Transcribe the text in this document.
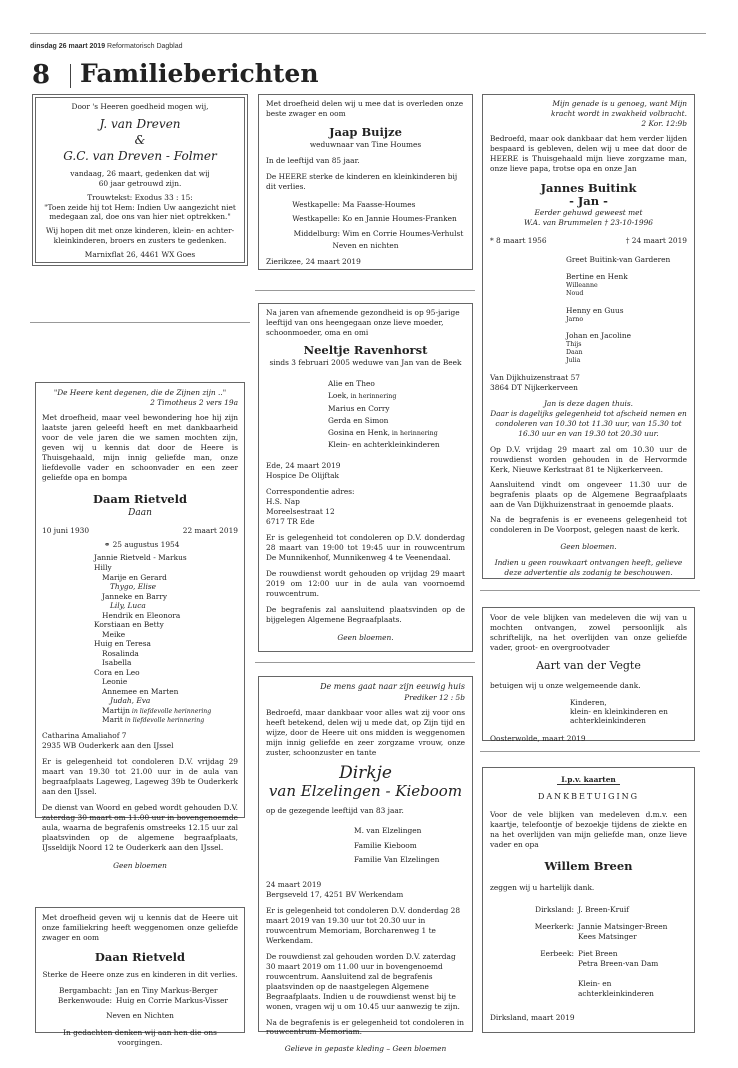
dinsdag 26 maart 2019 Reformatorisch Dagblad
8 Familieberichten
Door 's Heeren goedheid mogen wij,
J. van Dreven
&
G.C. van Dreven - Folmer
vandaag, 26 maart, gedenken dat wij 60 jaar getrouwd zijn.
Trouwtekst: Exodus 33 : 15:
"Toen zeide hij tot Hem: Indien Uw aangezicht niet medegaan zal, doe ons van hier niet optrekken."
Wij hopen dit met onze kinderen, klein- en achter-kleinkinderen, broers en zusters te gedenken.
Marnixflat 26, 4461 WX Goes
"De Heere kent degenen, die de Zijnen zijn .."
2 Timotheus 2 vers 19a
Met droefheid, maar veel bewondering hoe hij zijn laatste jaren geleefd heeft en met dankbaarheid voor de vele jaren die we samen mochten zijn, geven wij u kennis dat door de Heere is Thuisgehaald, mijn innig geliefde man, onze liefdevolle vader en schoonvader en een zeer geliefde opa en bompa
Daam Rietveld
Daan
10 juni 1930	22 maart 2019
⚭ 25 augustus 1954
Jannie Rietveld - Markus
Hilly
Marije en Gerard
Thygo, Elise
Janneke en Barry
Lily, Luca
Hendrik en Eleonora
Korstiaan en Betty
Meike
Huig en Teresa
Rosalinda
Isabella
Cora en Leo
Leonie
Annemee en Marten
Judah, Eva
Martijn in liefdevolle herinnering
Marit in liefdevolle herinnering
Catharina Amaliahof 7
2935 WB Ouderkerk aan den IJssel
Er is gelegenheid tot condoleren D.V. vrijdag 29 maart van 19.30 tot 21.00 uur in de aula van begraafplaats Lageweg, Lageweg 39b te Ouderkerk aan den IJssel.
De dienst van Woord en gebed wordt gehouden D.V. zaterdag 30 maart om 11.00 uur in bovengenoemde aula, waarna de begrafenis omstreeks 12.15 uur zal plaatsvinden op de algemene begraafplaats, IJsseldijk Noord 12 te Ouderkerk aan den IJssel.
Geen bloemen
Met droefheid geven wij u kennis dat de Heere uit onze familiekring heeft weggenomen onze geliefde zwager en oom
Daan Rietveld
Sterke de Heere onze zus en kinderen in dit verlies.
Bergambacht: Jan en Tiny Markus-Berger
Berkenwoude: Huig en Corrie Markus-Visser
Neven en Nichten
In gedachten denken wij aan hen die ons voorgingen.
Met droefheid delen wij u mee dat is overleden onze beste zwager en oom
Jaap Buijze
weduwnaar van Tine Houmes
In de leeftijd van 85 jaar.
De HEERE sterke de kinderen en kleinkinderen bij dit verlies.
Westkapelle: Ma Faasse-Houmes
Westkapelle: Ko en Jannie Houmes-Franken
Middelburg: Wim en Corrie Houmes-Verhulst
Neven en nichten
Zierikzee, 24 maart 2019
Na jaren van afnemende gezondheid is op 95-jarige leeftijd van ons heengegaan onze lieve moeder, schoonmoeder, oma en omi
Neeltje Ravenhorst
sinds 3 februari 2005 weduwe van Jan van de Beek
Alie en Theo
Loek, in herinnering
Marius en Corry
Gerda en Simon
Gosina en Henk, in herinnering
Klein- en achterkleinkinderen
Ede, 24 maart 2019
Hospice De Olijftak
Correspondentie adres:
H.S. Nap
Moreelsestraat 12
6717 TR Ede
Er is gelegenheid tot condoleren op D.V. donderdag 28 maart van 19:00 tot 19:45 uur in rouwcentrum De Munnikenhof, Munnikenweg 4 te Veenendaal.
De rouwdienst wordt gehouden op vrijdag 29 maart 2019 om 12:00 uur in de aula van voornoemd rouwcentrum.
De begrafenis zal aansluitend plaatsvinden op de bijgelegen Algemene Begraafplaats.
Geen bloemen.
De mens gaat naar zijn eeuwig huis
Prediker 12 : 5b
Bedroefd, maar dankbaar voor alles wat zij voor ons heeft betekend, delen wij u mede dat, op Zijn tijd en wijze, door de Heere uit ons midden is weggenomen mijn innig geliefde en zeer zorgzame vrouw, onze zuster, schoonzuster en tante
Dirkje
van Elzelingen - Kieboom
op de gezegende leeftijd van 83 jaar.
M. van Elzelingen
Familie Kieboom
Familie Van Elzelingen
24 maart 2019
Bergseveld 17, 4251 BV Werkendam
Er is gelegenheid tot condoleren D.V. donderdag 28 maart 2019 van 19.30 uur tot 20.30 uur in rouwcentrum Memoriam, Borcharenweg 1 te Werkendam.
De rouwdienst zal gehouden worden D.V. zaterdag 30 maart 2019 om 11.00 uur in bovengenoemd rouwcentrum. Aansluitend zal de begrafenis plaatsvinden op de naastgelegen Algemene Begraafplaats. Indien u de rouwdienst wenst bij te wonen, vragen wij u om 10.45 uur aanwezig te zijn.
Na de begrafenis is er gelegenheid tot condoleren in rouwcentrum Memoriam.
Gelieve in gepaste kleding – Geen bloemen
Mijn genade is u genoeg, want Mijn kracht wordt in zwakheid volbracht.
2 Kor. 12:9b
Bedroefd, maar ook dankbaar dat hem verder lijden bespaard is gebleven, delen wij u mee dat door de HEERE is Thuisgehaald mijn lieve zorgzame man, onze lieve papa, trotse opa en onze Jan
Jannes Buitink
- Jan -
Eerder gehuwd geweest met
W.A. van Brummelen † 23-10-1996
* 8 maart 1956	† 24 maart 2019
Greet Buitink-van Garderen
Bertine en Henk
Willeanne
Noud
Henny en Guus
Jarno
Johan en Jacoline
Thijs
Daan
Julia
Van Dijkhuizenstraat 57
3864 DT Nijkerkerveen
Jan is deze dagen thuis.
Daar is dagelijks gelegenheid tot afscheid nemen en condoleren van 10.30 tot 11.30 uur, van 15.30 tot 16.30 uur en van 19.30 tot 20.30 uur.
Op D.V. vrijdag 29 maart zal om 10.30 uur de rouwdienst worden gehouden in de Hervormde Kerk, Nieuwe Kerkstraat 81 te Nijkerkerveen.
Aansluitend vindt om ongeveer 11.30 uur de begrafenis plaats op de Algemene Begraafplaats aan de Van Dijkhuizenstraat in genoemde plaats.
Na de begrafenis is er eveneens gelegenheid tot condoleren in De Voorpost, gelegen naast de kerk.
Geen bloemen.
Indien u geen rouwkaart ontvangen heeft, gelieve deze advertentie als zodanig te beschouwen.
Voor de vele blijken van medeleven die wij van u mochten ontvangen, zowel persoonlijk als schriftelijk, na het overlijden van onze geliefde vader, groot- en overgrootvader
Aart van der Vegte
betuigen wij u onze welgemeende dank.
Kinderen,
klein- en kleinkinderen en
achterkleinkinderen
Oosterwolde, maart 2019
I.p.v. kaarten
DANKBETUIGING
Voor de vele blijken van medeleven d.m.v. een kaartje, telefoontje of bezoekje tijdens de ziekte en na het overlijden van mijn geliefde man, onze lieve vader en opa
Willem Breen
zeggen wij u hartelijk dank.
Dirksland: J. Breen-Kruif
Meerkerk: Jannie Matsinger-Breen
Kees Matsinger
Eerbeek: Piet Breen
Petra Breen-van Dam
Klein- en achterkleinkinderen
Dirksland, maart 2019
